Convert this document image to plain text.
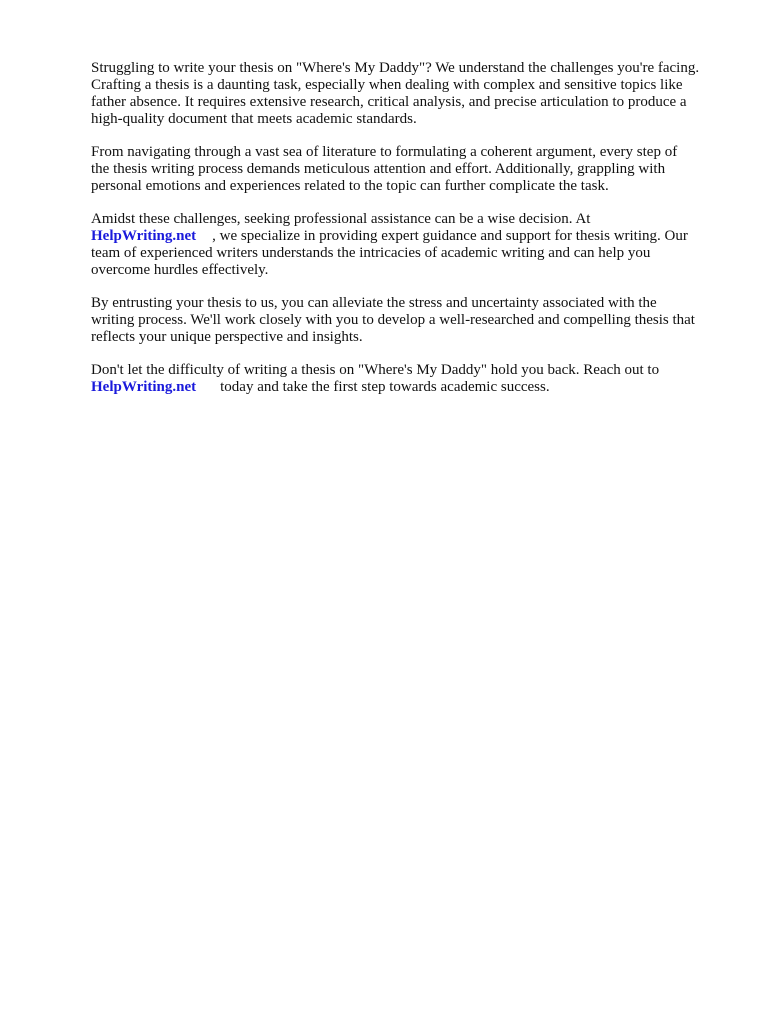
Struggling to write your thesis on "Where's My Daddy"? We understand the challenges you're facing.
Crafting a thesis is a daunting task, especially when dealing with complex and sensitive topics like
father absence. It requires extensive research, critical analysis, and precise articulation to produce a
high-quality document that meets academic standards.

From navigating through a vast sea of literature to formulating a coherent argument, every step of
the thesis writing process demands meticulous attention and effort. Additionally, grappling with
personal emotions and experiences related to the topic can further complicate the task.

Amidst these challenges, seeking professional assistance can be a wise decision. At
HelpWriting.net , we specialize in providing expert guidance and support for thesis writing. Our
team of experienced writers understands the intricacies of academic writing and can help you
overcome hurdles effectively.

By entrusting your thesis to us, you can alleviate the stress and uncertainty associated with the
writing process. We'll work closely with you to develop a well-researched and compelling thesis that
reflects your unique perspective and insights.

Don't let the difficulty of writing a thesis on "Where's My Daddy" hold you back. Reach out to
HelpWriting.net today and take the first step towards academic success.
